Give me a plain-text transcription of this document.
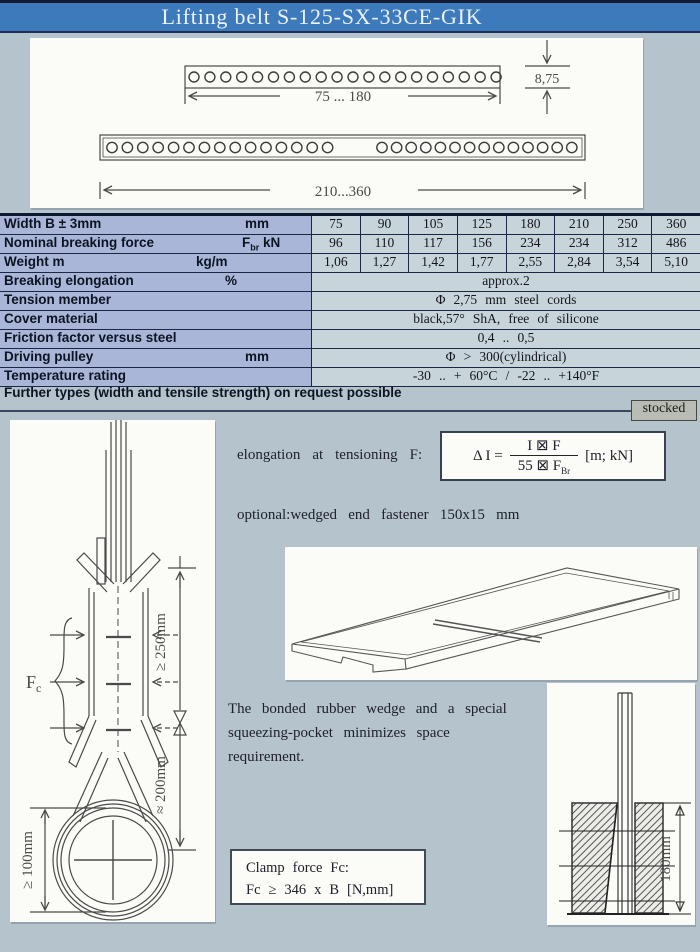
Lifting belt S-125-SX-33CE-GIK
75 ... 180
8,75
210...360
Width B ± 3mm	mm	75	90	105	125	180	210	250	360
Nominal breaking force	$F_{br}$ kN	96	110	117	156	234	234	312	486
Weight m	kg/m	1,06	1,27	1,42	1,77	2,55	2,84	3,54	5,10
Breaking elongation	%	approx.2
Tension member	Φ 2,75 mm steel cords
Cover material	black,57° ShA, free of silicone
Friction factor versus steel	0,4 .. 0,5
Driving pulley	mm	Φ > 300(cylindrical)
Temperature rating	-30 .. + 60°C / -22 .. +140°F
Further types (width and tensile strength) on request possible
stocked
elongation at tensioning F:	Δ $I = \frac{I ⊠ F}{55 ⊠ F_{Br}} [m$; kN]
optional:wedged end fastener 150x15 mm
$F_c$
≥ 250mm
≈ 200mm
≥ 100mm
The bonded rubber wedge and a special squeezing-pocket minimizes space requirement.
Clamp force Fc:
Fc ≥ 346 x B [N,mm]
180mm
